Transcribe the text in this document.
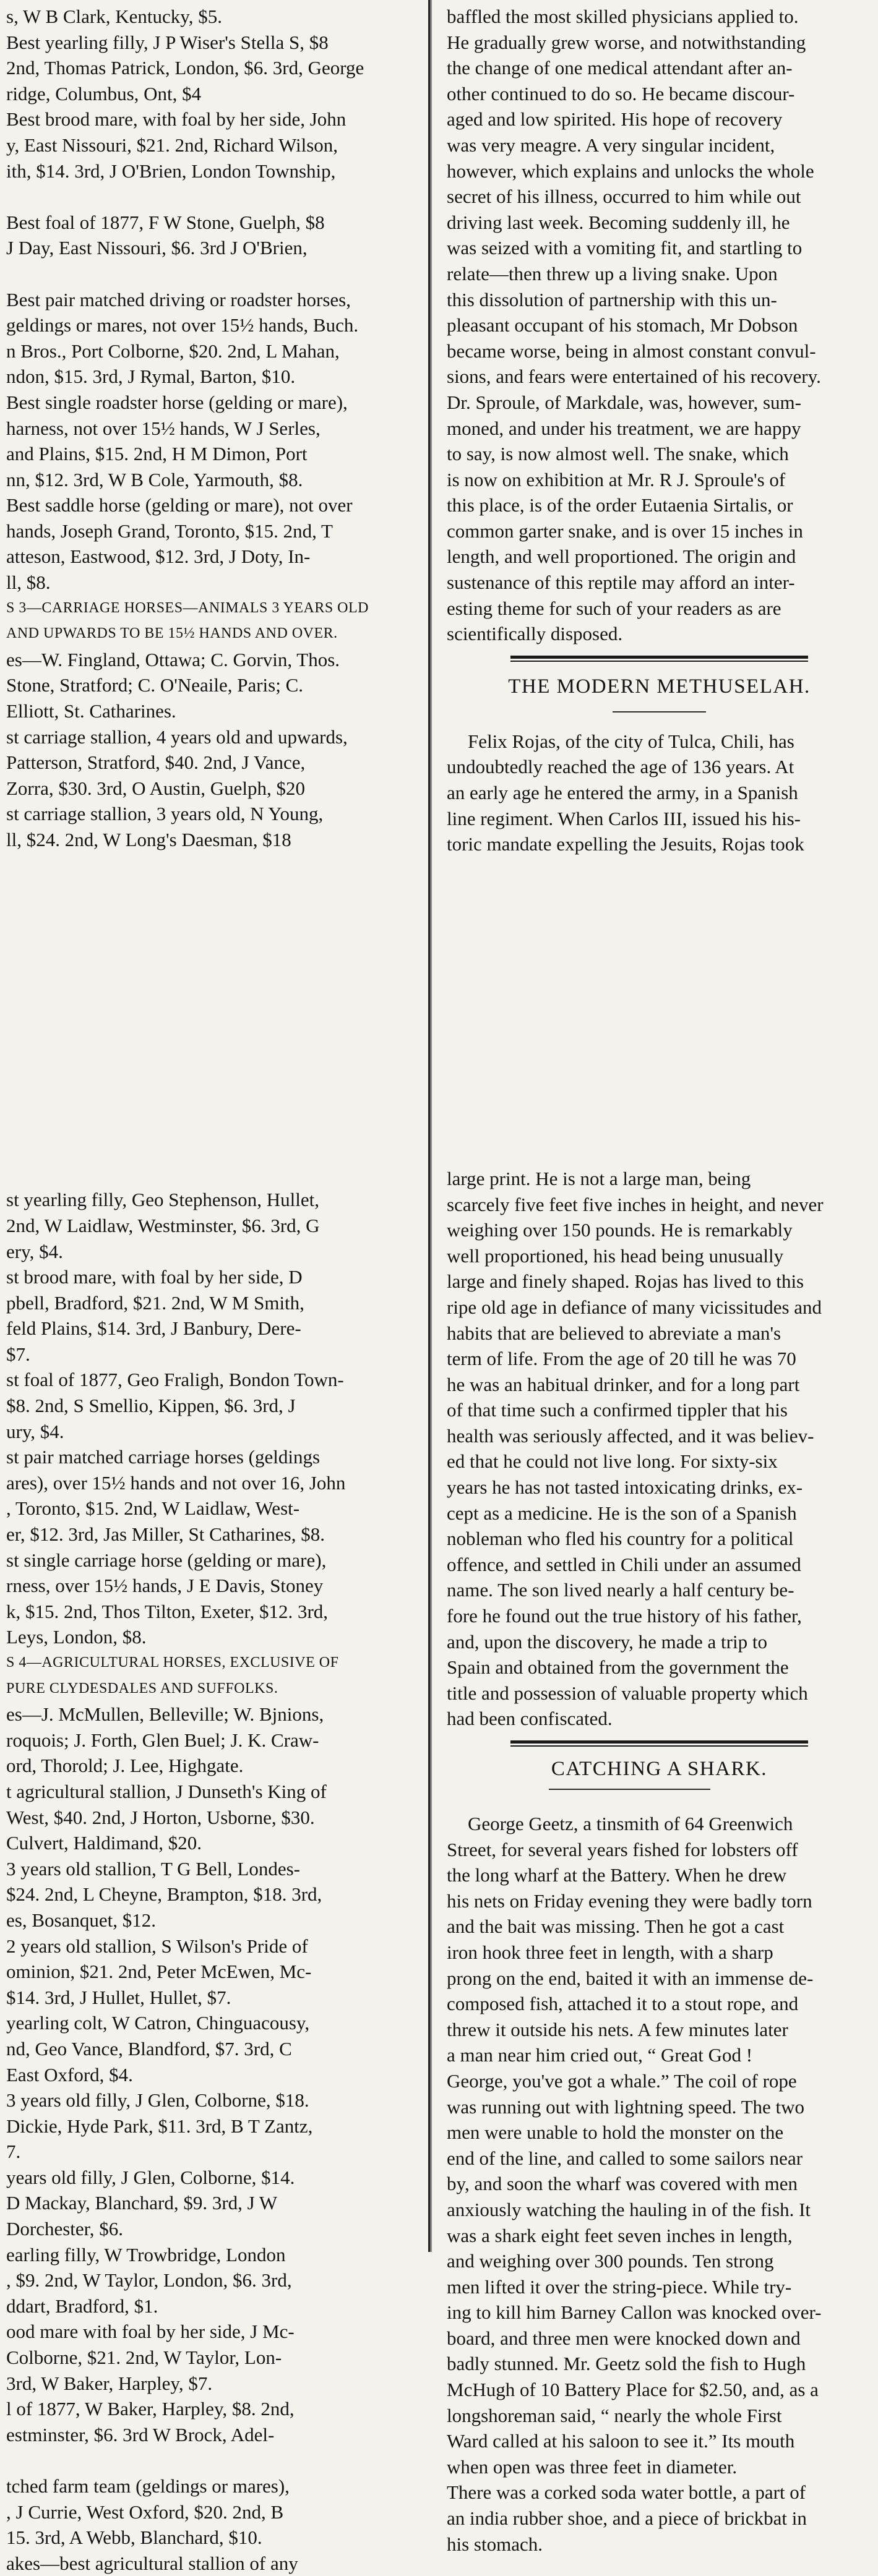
s, W B Clark, Kentucky, $5.

Best yearling filly, J P Wiser's Stella S, $8

2nd, Thomas Patrick, London, $6. 3rd, George

ridge, Columbus, Ont, $4

Best brood mare, with foal by her side, John

y, East Nissouri, $21. 2nd, Richard Wilson,

ith, $14. 3rd, J O'Brien, London Township,

Best foal of 1877, F W Stone, Guelph, $8

J Day, East Nissouri, $6. 3rd J O'Brien,

Best pair matched driving or roadster horses,

geldings or mares, not over 15½ hands, Buch.

n Bros., Port Colborne, $20. 2nd, L Mahan,

ndon, $15. 3rd, J Rymal, Barton, $10.

Best single roadster horse (gelding or mare),

harness, not over 15½ hands, W J Serles,

and Plains, $15. 2nd, H M Dimon, Port

nn, $12. 3rd, W B Cole, Yarmouth, $8.

Best saddle horse (gelding or mare), not over

hands, Joseph Grand, Toronto, $15. 2nd, T

atteson, Eastwood, $12. 3rd, J Doty, In-

ll, $8.

S 3—CARRIAGE HORSES—ANIMALS 3 YEARS OLD

AND UPWARDS TO BE 15½ HANDS AND OVER.

es—W. Fingland, Ottawa; C. Gorvin, Thos.

Stone, Stratford; C. O'Neaile, Paris; C.

Elliott, St. Catharines.

st carriage stallion, 4 years old and upwards,

Patterson, Stratford, $40. 2nd, J Vance,

Zorra, $30. 3rd, O Austin, Guelph, $20

st carriage stallion, 3 years old, N Young,

ll, $24. 2nd, W Long's Daesman, $18

st yearling filly, Geo Stephenson, Hullet,

2nd, W Laidlaw, Westminster, $6. 3rd, G

ery, $4.

st brood mare, with foal by her side, D

pbell, Bradford, $21. 2nd, W M Smith,

feld Plains, $14. 3rd, J Banbury, Dere-

$7.

st foal of 1877, Geo Fraligh, Bondon Town-

$8. 2nd, S Smellio, Kippen, $6. 3rd, J

ury, $4.

st pair matched carriage horses (geldings

ares), over 15½ hands and not over 16, John

, Toronto, $15. 2nd, W Laidlaw, West-

er, $12. 3rd, Jas Miller, St Catharines, $8.

st single carriage horse (gelding or mare),

rness, over 15½ hands, J E Davis, Stoney

k, $15. 2nd, Thos Tilton, Exeter, $12. 3rd,

Leys, London, $8.

S 4—AGRICULTURAL HORSES, EXCLUSIVE OF

PURE CLYDESDALES AND SUFFOLKS.

es—J. McMullen, Belleville; W. Bjnions,

roquois; J. Forth, Glen Buel; J. K. Craw-

ord, Thorold; J. Lee, Highgate.

t agricultural stallion, J Dunseth's King of

West, $40. 2nd, J Horton, Usborne, $30.

Culvert, Haldimand, $20.

3 years old stallion, T G Bell, Londes-

$24. 2nd, L Cheyne, Brampton, $18. 3rd,

es, Bosanquet, $12.

2 years old stallion, S Wilson's Pride of

ominion, $21. 2nd, Peter McEwen, Mc-

$14. 3rd, J Hullet, Hullet, $7.

yearling colt, W Catron, Chinguacousy,

nd, Geo Vance, Blandford, $7. 3rd, C

East Oxford, $4.

3 years old filly, J Glen, Colborne, $18.

Dickie, Hyde Park, $11. 3rd, B T Zantz,

7.

years old filly, J Glen, Colborne, $14.

D Mackay, Blanchard, $9. 3rd, J W

Dorchester, $6.

earling filly, W Trowbridge, London

, $9. 2nd, W Taylor, London, $6. 3rd,

ddart, Bradford, $1.

ood mare with foal by her side, J Mc-

Colborne, $21. 2nd, W Taylor, Lon-

3rd, W Baker, Harpley, $7.

l of 1877, W Baker, Harpley, $8. 2nd,

estminster, $6. 3rd W Brock, Adel-

tched farm team (geldings or mares),

, J Currie, West Oxford, $20. 2nd, B

15. 3rd, A Webb, Blanchard, $10.

akes—best agricultural stallion of any

baffled the most skilled physicians applied to.

He gradually grew worse, and notwithstanding

the change of one medical attendant after an-

other continued to do so. He became discour-

aged and low spirited. His hope of recovery

was very meagre. A very singular incident,

however, which explains and unlocks the whole

secret of his illness, occurred to him while out

driving last week. Becoming suddenly ill, he

was seized with a vomiting fit, and startling to

relate—then threw up a living snake. Upon

this dissolution of partnership with this un-

pleasant occupant of his stomach, Mr Dobson

became worse, being in almost constant convul-

sions, and fears were entertained of his recovery.

Dr. Sproule, of Markdale, was, however, sum-

moned, and under his treatment, we are happy

to say, is now almost well. The snake, which

is now on exhibition at Mr. R J. Sproule's of

this place, is of the order Eutaenia Sirtalis, or

common garter snake, and is over 15 inches in

length, and well proportioned. The origin and

sustenance of this reptile may afford an inter-

esting theme for such of your readers as are

scientifically disposed.

THE MODERN METHUSELAH.

Felix Rojas, of the city of Tulca, Chili, has

undoubtedly reached the age of 136 years. At

an early age he entered the army, in a Spanish

line regiment. When Carlos III, issued his his-

toric mandate expelling the Jesuits, Rojas took

large print. He is not a large man, being

scarcely five feet five inches in height, and never

weighing over 150 pounds. He is remarkably

well proportioned, his head being unusually

large and finely shaped. Rojas has lived to this

ripe old age in defiance of many vicissitudes and

habits that are believed to abreviate a man's

term of life. From the age of 20 till he was 70

he was an habitual drinker, and for a long part

of that time such a confirmed tippler that his

health was seriously affected, and it was believ-

ed that he could not live long. For sixty-six

years he has not tasted intoxicating drinks, ex-

cept as a medicine. He is the son of a Spanish

nobleman who fled his country for a political

offence, and settled in Chili under an assumed

name. The son lived nearly a half century be-

fore he found out the true history of his father,

and, upon the discovery, he made a trip to

Spain and obtained from the government the

title and possession of valuable property which

had been confiscated.

CATCHING A SHARK.

George Geetz, a tinsmith of 64 Greenwich

Street, for several years fished for lobsters off

the long wharf at the Battery. When he drew

his nets on Friday evening they were badly torn

and the bait was missing. Then he got a cast

iron hook three feet in length, with a sharp

prong on the end, baited it with an immense de-

composed fish, attached it to a stout rope, and

threw it outside his nets. A few minutes later

a man near him cried out, “ Great God !

George, you've got a whale.” The coil of rope

was running out with lightning speed. The two

men were unable to hold the monster on the

end of the line, and called to some sailors near

by, and soon the wharf was covered with men

anxiously watching the hauling in of the fish. It

was a shark eight feet seven inches in length,

and weighing over 300 pounds. Ten strong

men lifted it over the string-piece. While try-

ing to kill him Barney Callon was knocked over-

board, and three men were knocked down and

badly stunned. Mr. Geetz sold the fish to Hugh

McHugh of 10 Battery Place for $2.50, and, as a

longshoreman said, “ nearly the whole First

Ward called at his saloon to see it.” Its mouth

when open was three feet in diameter.

There was a corked soda water bottle, a part of

an india rubber shoe, and a piece of brickbat in

his stomach.
